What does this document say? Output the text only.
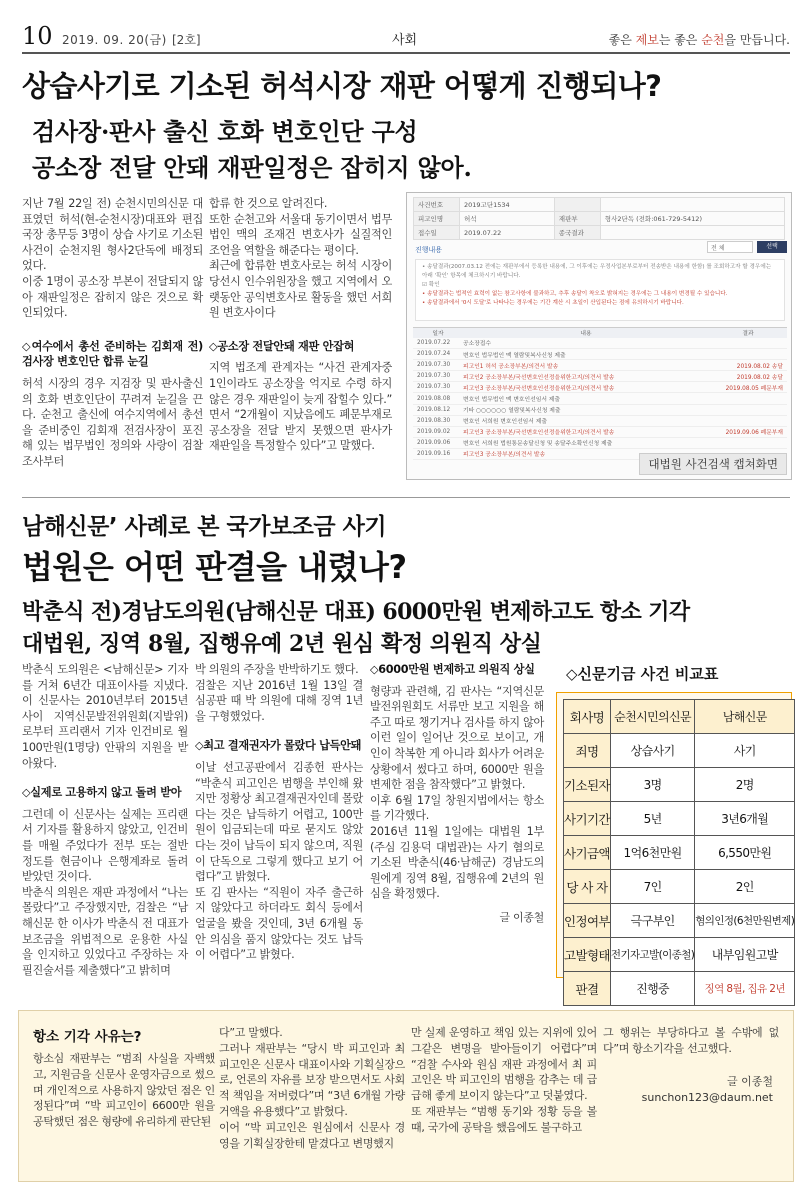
10 2019. 09. 20(금) [2호]	사회	좋은 제보는 좋은 순천을 만듭니다.
상습사기로 기소된 허석시장 재판 어떻게 진행되나?
검사장·판사 출신 호화 변호인단 구성
공소장 전달 안돼 재판일정은 잡히지 않아.

지난 7월 22일 전) 순천시민의신문 대표였던 허석(현-순천시장)대표와 편집국장 총무등 3명이 상습 사기로 기소된 사건이 순천지원 형사2단독에 배정되었다.

이중 1명이 공소장 부본이 전달되지 않아 재판일정은 잡히지 않은 것으로 확인되었다.

◇여수에서 총선 준비하는 김회재 전)검사장 변호인단 합류 눈길

허석 시장의 경우 지검장 및 판사출신의 호화 변호인단이 꾸려져 눈길을 끈다. 순천고 출신에 여수지역에서 총선을 준비중인 김회재 전검사장이 포진해 있는 법무법인 정의와 사랑이 검찰 조사부터

합류 한 것으로 알려진다.

또한 순천고와 서울대 동기이면서 법무법인 맥의 조재건 변호사가 실질적인 조언을 역할을 해준다는 평이다.

최근에 합류한 변호사로는 허석 시장이 당선시 인수위원장을 했고 지역에서 오랫동안 공익변호사로 활동을 했던 서희원 변호사이다

◇공소장 전달안돼 재판 안잡혀

지역 법조계 관계자는 “사건 관계자중 1인이라도 공소장을 억지로 수령 하지 않은 경우 재판일이 늦게 잡힐수 있다.” 면서 “2개월이 지났음에도 폐문부재로 공소장을 전달 받지 못했으면 판사가 재판일을 특정할수 있다”고 말했다.

사건번호	2019고단1534		
피고인명	허석	재판부	형사2단독 (전화:061-729-5412)
접수일	2019.07.22	종국결과	
진행내용	전 체	선택
• 송달결과(2007.03.12 전에는 재판부에서 등록한 내용에, 그 이후에는 우정사업본부로부터 전송받은 내용에 한함) 를 조회하고자 할 경우에는 아래 '확인' 항목에 체크하시기 바랍니다.
☑ 확인
• 송달결과는 법적인 효력이 없는 참고사항에 불과하고, 추후 송달이 착오로 밝혀지는 경우에는 그 내용이 변경될 수 있습니다.
• 송달결과에서 '0시 도달'로 나타나는 경우에는 기간 계산 시 초일이 산입된다는 점에 유의하시기 바랍니다.
일자	내용	결과
2019.07.22	공소장접수	
2019.07.24	변호인 법무법인 맥 열람및복사신청 제출	
2019.07.30	피고인1 허석 공소장부본/의견서 발송	2019.08.02 송달
2019.07.30	피고인2 공소장부본/국선변호인선정을위한고지/의견서 발송	2019.08.02 송달
2019.07.30	피고인3 공소장부본/국선변호인선정을위한고지/의견서 발송	2019.08.05 폐문부재
2019.08.08	변호인 법무법인 맥 변호인선임서 제출	
2019.08.12	기타 ○○○○○○ 열람및복사신청 제출	
2019.08.30	변호인 서희원 변호인선임서 제출	
2019.09.02	피고인3 공소장부본/국선변호인선정을위한고지/의견서 발송	2019.09.06 폐문부재
2019.09.06	변호인 서희원 법원통문송달신청 및 송달주소확인신청 제출	
2019.09.16	피고인3 공소장부본/의견서 발송	
대법원 사건검색 캡쳐화면
남해신문’ 사례로 본 국가보조금 사기
법원은 어떤 판결을 내렸나?
박춘식 전)경남도의원(남해신문 대표) 6000만원 변제하고도 항소 기각
대법원, 징역 8월, 집행유예 2년 원심 확정 의원직 상실

박춘식 도의원은 <남해신문> 기자를 거쳐 6년간 대표이사를 지냈다. 이 신문사는 2010년부터 2015년 사이 지역신문발전위원회(지발위)로부터 프리랜서 기자 인건비로 월 100만원(1명당) 안팎의 지원을 받아왔다.

◇실제로 고용하지 않고 돌려 받아

그런데 이 신문사는 실제는 프리랜서 기자를 활용하지 않았고, 인건비를 매월 주었다가 전부 또는 절반 정도를 현금이나 은행계좌로 돌려받았던 것이다.

박춘식 의원은 재판 과정에서 “나는 몰랐다”고 주장했지만, 검찰은 “남해신문 한 이사가 박춘식 전 대표가 보조금을 위법적으로 운용한 사실을 인지하고 있었다고 주장하는 자필진술서를 제출했다”고 밝히며

박 의원의 주장을 반박하기도 했다.

검찰은 지난 2016년 1월 13일 결심공판 때 박 의원에 대해 징역 1년을 구형했었다.

◇최고 결재권자가 몰랐다 납득안돼

이날 선고공판에서 김종헌 판사는 “박춘식 피고인은 범행을 부인해 왔지만 정황상 최고결재권자인데 몰랐다는 것은 납득하기 어렵고, 100만원이 입금되는데 따로 묻지도 않았다는 것이 납득이 되지 않으며, 직원이 단독으로 그렇게 했다고 보기 어렵다”고 밝혔다.

또 김 판사는 “직원이 자주 출근하지 않았다고 하더라도 회식 등에서 얼굴을 봤을 것인데, 3년 6개월 동안 의심을 품지 않았다는 것도 납득이 어렵다”고 밝혔다.

◇6000만원 변제하고 의원직 상실

형량과 관련해, 김 판사는 “지역신문발전위원회도 서류만 보고 지원을 해주고 따로 챙기거나 검사를 하지 않아 이런 일이 일어난 것으로 보이고, 개인이 착복한 게 아니라 회사가 어려운 상황에서 썼다고 하며, 6000만 원을 변제한 점을 참작했다”고 밝혔다.

이후 6월 17일 창원지법에서는 항소를 기각했다.

2016년 11월 1일에는 대법원 1부(주심 김용덕 대법관)는 사기 혐의로 기소된 박춘식(46·남해군) 경남도의원에게 징역 8월, 집행유예 2년의 원심을 확정했다.

글 이종철

◇신문기금 사건 비교표
회사명	순천시민의신문	남해신문
죄명	상습사기	사기
기소된자	3명	2명
사기기간	5년	3년6개월
사기금액	1억6천만원	6,550만원
당 사 자	7인	2인
인정여부	극구부인	혐의인정(6천만원변제)
고발형태	전기자고발(이종철)	내부임원고발
판결	진행중	징역 8월, 집유 2년
항소 기각 사유는?
항소심 재판부는 “범죄 사실을 자백했고, 지원금을 신문사 운영자금으로 썼으며 개인적으로 사용하지 않았던 점은 인정된다”며 “박 피고인이 6600만 원을 공탁했던 점은 형량에 유리하게 판단된
다”고 말했다.
그러나 재판부는 “당시 박 피고인과 최 피고인은 신문사 대표이사와 기획실장으로, 언론의 자유를 보장 받으면서도 사회적 책임을 저버렸다”며 “3년 6개월 가량 거액을 유용했다”고 밝혔다.
이어 “박 피고인은 원심에서 신문사 경영을 기획실장한테 맡겼다고 변명했지
만 실제 운영하고 책임 있는 지위에 있어 그같은 변명을 받아들이기 어렵다”며 “검찰 수사와 원심 재판 과정에서 최 피고인은 박 피고인의 범행을 감추는 데 급급해 좋게 보이지 않는다”고 덧붙였다.
또 재판부는 “범행 동기와 정황 등을 볼 때, 국가에 공탁을 했음에도 불구하고
그 행위는 부당하다고 볼 수밖에 없다”며 항소기각을 선고했다.
글 이종철
sunchon123@daum.net
